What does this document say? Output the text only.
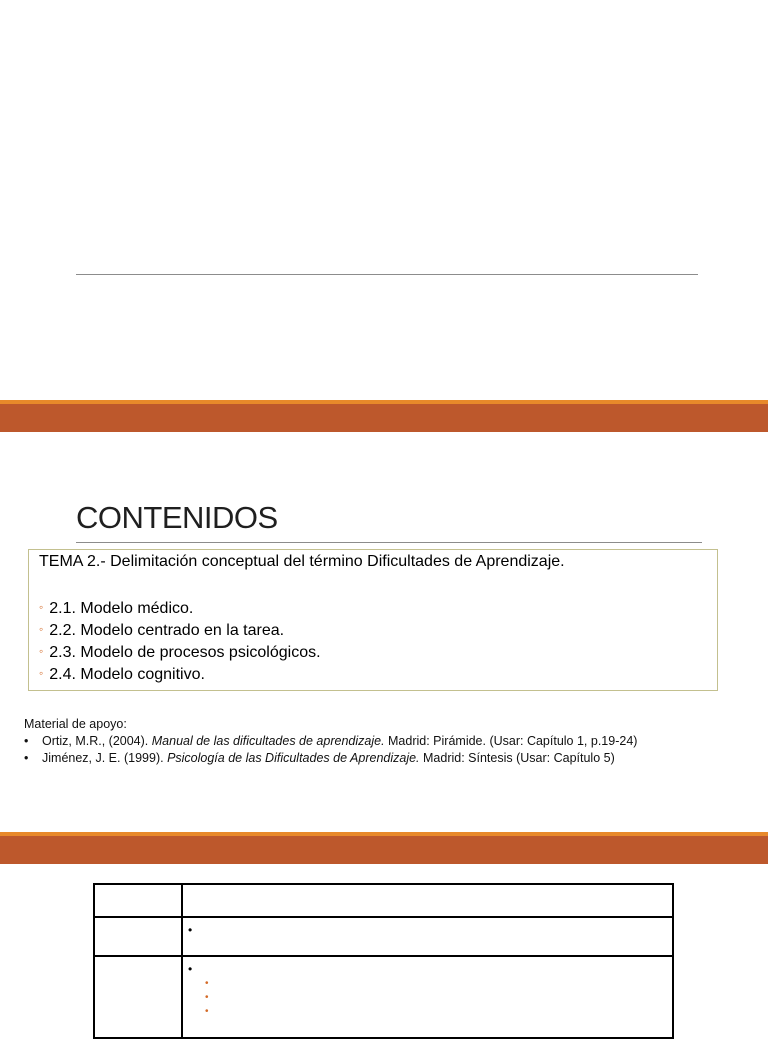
CONTENIDOS
TEMA 2.- Delimitación conceptual del término Dificultades de Aprendizaje.
◦ 2.1. Modelo médico.
◦ 2.2. Modelo centrado en la tarea.
◦ 2.3. Modelo de procesos psicológicos.
◦ 2.4. Modelo cognitivo.
Material de apoyo:
• Ortiz, M.R., (2004). Manual de las dificultades de aprendizaje. Madrid: Pirámide. (Usar: Capítulo 1, p.19-24)
• Jiménez, J. E. (1999). Psicología de las Dificultades de Aprendizaje. Madrid: Síntesis (Usar: Capítulo 5)

	•

	•
•
•
•
